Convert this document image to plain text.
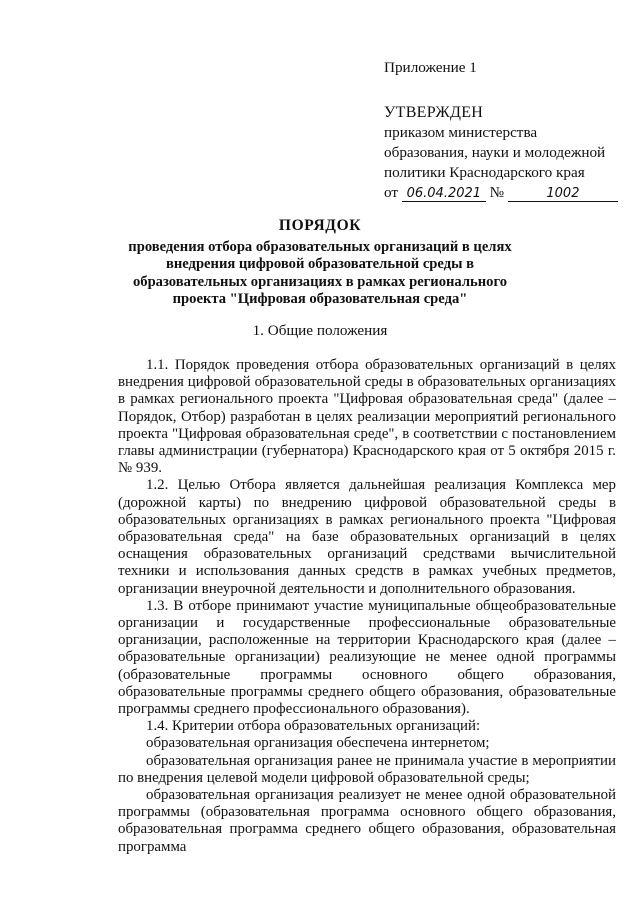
Приложение 1

УТВЕРЖДЕН

приказом министерства

образования, науки и молодежной

политики Краснодарского края

от 06.04.2021 №	1002

ПОРЯДОК

проведения отбора образовательных организаций в целях

внедрения цифровой образовательной среды в

образовательных организациях в рамках регионального

проекта "Цифровая образовательная среда"

1. Общие положения

1.1. Порядок проведения отбора образовательных организаций в целях внедрения цифровой образовательной среды в образовательных организациях в рамках регионального проекта "Цифровая образовательная среда" (далее – Порядок, Отбор) разработан в целях реализации мероприятий регионального проекта "Цифровая образовательная среде", в соответствии с постановлением главы администрации (губернатора) Краснодарского края от 5 октября 2015 г. № 939.

1.2. Целью Отбора является дальнейшая реализация Комплекса мер (дорожной карты) по внедрению цифровой образовательной среды в образовательных организациях в рамках регионального проекта "Цифровая образовательная среда" на базе образовательных организаций в целях оснащения образовательных организаций средствами вычислительной техники и использования данных средств в рамках учебных предметов, организации внеурочной деятельности и дополнительного образования.

1.3. В отборе принимают участие муниципальные общеобразовательные организации и государственные профессиональные образовательные организации, расположенные на территории Краснодарского края (далее –образовательные организации) реализующие не менее одной программы (образовательные программы основного общего образования, образовательные программы среднего общего образования, образовательные программы среднего профессионального образования).

1.4. Критерии отбора образовательных организаций:

образовательная организация обеспечена интернетом;

образовательная организация ранее не принимала участие в мероприятии по внедрения целевой модели цифровой образовательной среды;

образовательная организация реализует не менее одной образовательной программы (образовательная программа основного общего образования, образовательная программа среднего общего образования, образовательная программа
